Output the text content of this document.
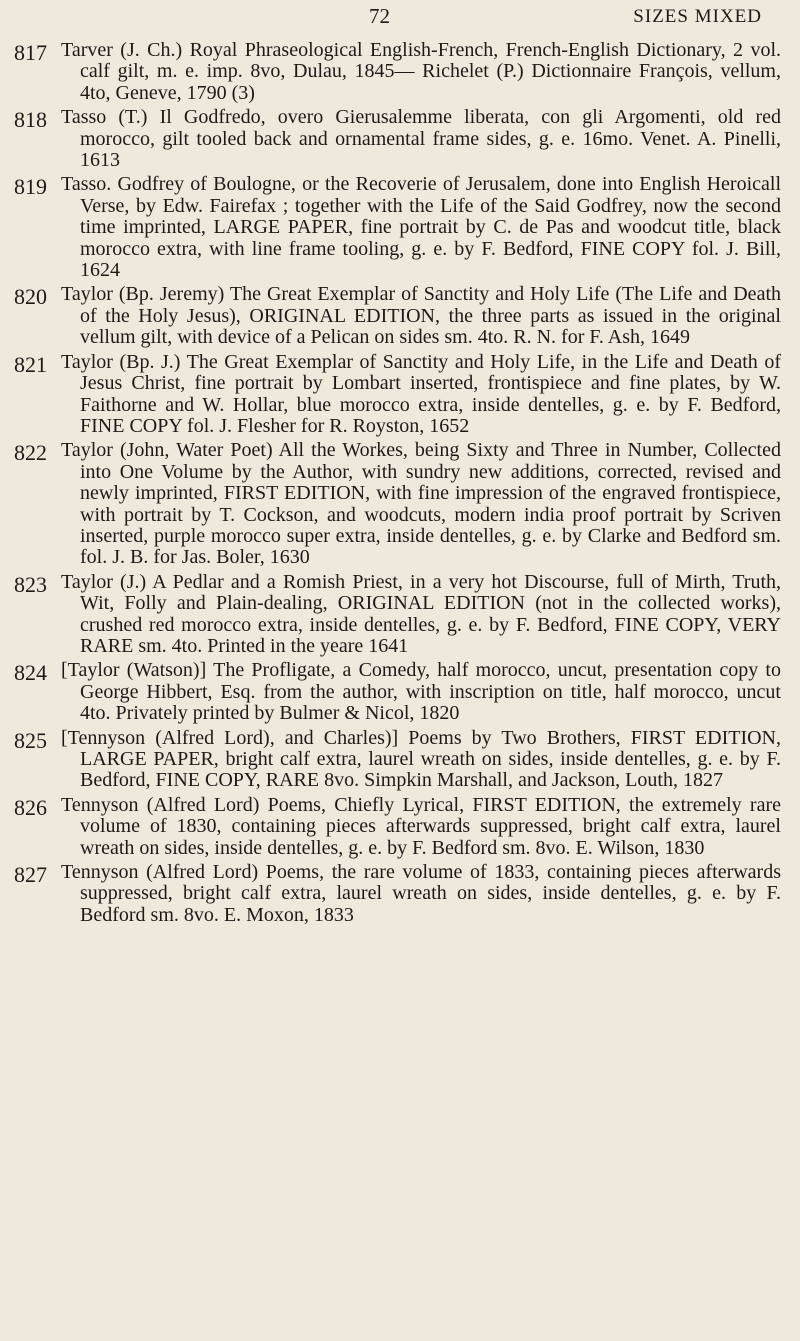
72	SIZES MIXED
817 Tarver (J. Ch.) Royal Phraseological English-French, French-English Dictionary, 2 vol. calf gilt, m. e. imp. 8vo, Dulau, 1845— Richelet (P.) Dictionnaire François, vellum, 4to, Geneve, 1790 (3)
818 Tasso (T.) Il Godfredo, overo Gierusalemme liberata, con gli Argomenti, old red morocco, gilt tooled back and ornamental frame sides, g. e. 16mo. Venet. A. Pinelli, 1613
819 Tasso. Godfrey of Boulogne, or the Recoverie of Jerusalem, done into English Heroicall Verse, by Edw. Fairefax ; together with the Life of the Said Godfrey, now the second time imprinted, LARGE PAPER, fine portrait by C. de Pas and woodcut title, black morocco extra, with line frame tooling, g. e. by F. Bedford, FINE COPY fol. J. Bill, 1624
820 Taylor (Bp. Jeremy) The Great Exemplar of Sanctity and Holy Life (The Life and Death of the Holy Jesus), ORIGINAL EDITION, the three parts as issued in the original vellum gilt, with device of a Pelican on sides sm. 4to. R. N. for F. Ash, 1649
821 Taylor (Bp. J.) The Great Exemplar of Sanctity and Holy Life, in the Life and Death of Jesus Christ, fine portrait by Lombart inserted, frontispiece and fine plates, by W. Faithorne and W. Hollar, blue morocco extra, inside dentelles, g. e. by F. Bedford, FINE COPY fol. J. Flesher for R. Royston, 1652
822 Taylor (John, Water Poet) All the Workes, being Sixty and Three in Number, Collected into One Volume by the Author, with sundry new additions, corrected, revised and newly imprinted, FIRST EDITION, with fine impression of the engraved frontispiece, with portrait by T. Cockson, and woodcuts, modern india proof portrait by Scriven inserted, purple morocco super extra, inside dentelles, g. e. by Clarke and Bedford sm. fol. J. B. for Jas. Boler, 1630
823 Taylor (J.) A Pedlar and a Romish Priest, in a very hot Discourse, full of Mirth, Truth, Wit, Folly and Plain-dealing, ORIGINAL EDITION (not in the collected works), crushed red morocco extra, inside dentelles, g. e. by F. Bedford, FINE COPY, VERY RARE sm. 4to. Printed in the yeare 1641
824 [Taylor (Watson)] The Profligate, a Comedy, half morocco, uncut, presentation copy to George Hibbert, Esq. from the author, with inscription on title, half morocco, uncut 4to. Privately printed by Bulmer & Nicol, 1820
825 [Tennyson (Alfred Lord), and Charles)] Poems by Two Brothers, FIRST EDITION, LARGE PAPER, bright calf extra, laurel wreath on sides, inside dentelles, g. e. by F. Bedford, FINE COPY, RARE 8vo. Simpkin Marshall, and Jackson, Louth, 1827
826 Tennyson (Alfred Lord) Poems, Chiefly Lyrical, FIRST EDITION, the extremely rare volume of 1830, containing pieces afterwards suppressed, bright calf extra, laurel wreath on sides, inside dentelles, g. e. by F. Bedford sm. 8vo. E. Wilson, 1830
827 Tennyson (Alfred Lord) Poems, the rare volume of 1833, containing pieces afterwards suppressed, bright calf extra, laurel wreath on sides, inside dentelles, g. e. by F. Bedford sm. 8vo. E. Moxon, 1833
